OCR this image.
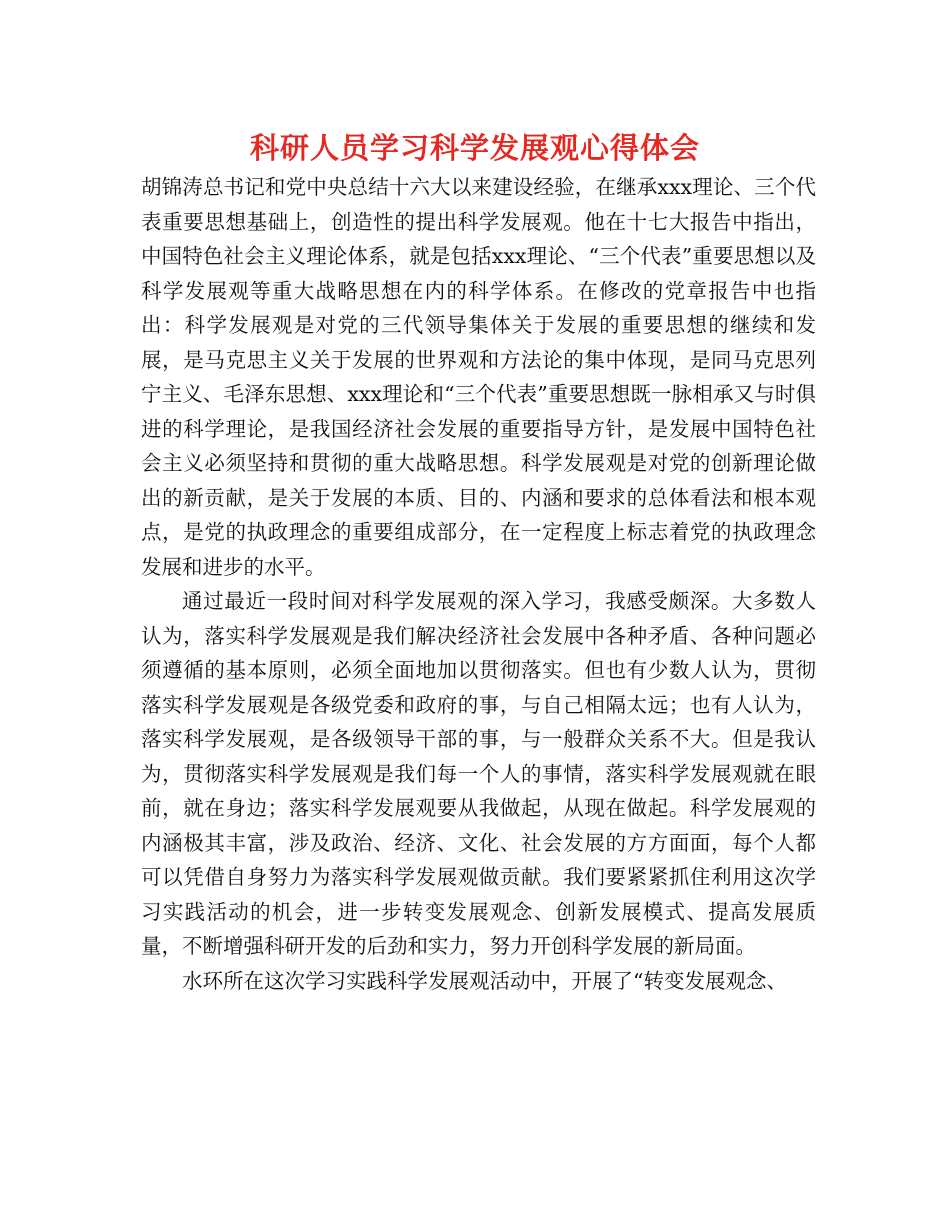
科研人员学习科学发展观心得体会

胡锦涛总书记和党中央总结十六大以来建设经验，在继承xxx理论、三个代表重要思想基础上，创造性的提出科学发展观。他在十七大报告中指出，中国特色社会主义理论体系，就是包括xxx理论、“三个代表”重要思想以及科学发展观等重大战略思想在内的科学体系。在修改的党章报告中也指出：科学发展观是对党的三代领导集体关于发展的重要思想的继续和发展，是马克思主义关于发展的世界观和方法论的集中体现，是同马克思列宁主义、毛泽东思想、xxx理论和“三个代表”重要思想既一脉相承又与时俱进的科学理论，是我国经济社会发展的重要指导方针，是发展中国特色社会主义必须坚持和贯彻的重大战略思想。科学发展观是对党的创新理论做出的新贡献，是关于发展的本质、目的、内涵和要求的总体看法和根本观点，是党的执政理念的重要组成部分，在一定程度上标志着党的执政理念发展和进步的水平。

通过最近一段时间对科学发展观的深入学习，我感受颇深。大多数人认为，落实科学发展观是我们解决经济社会发展中各种矛盾、各种问题必须遵循的基本原则，必须全面地加以贯彻落实。但也有少数人认为，贯彻落实科学发展观是各级党委和政府的事，与自己相隔太远；也有人认为，落实科学发展观，是各级领导干部的事，与一般群众关系不大。但是我认为，贯彻落实科学发展观是我们每一个人的事情，落实科学发展观就在眼前，就在身边；落实科学发展观要从我做起，从现在做起。科学发展观的内涵极其丰富，涉及政治、经济、文化、社会发展的方方面面，每个人都可以凭借自身努力为落实科学发展观做贡献。我们要紧紧抓住利用这次学习实践活动的机会，进一步转变发展观念、创新发展模式、提高发展质量，不断增强科研开发的后劲和实力，努力开创科学发展的新局面。

水环所在这次学习实践科学发展观活动中，开展了“转变发展观念、
